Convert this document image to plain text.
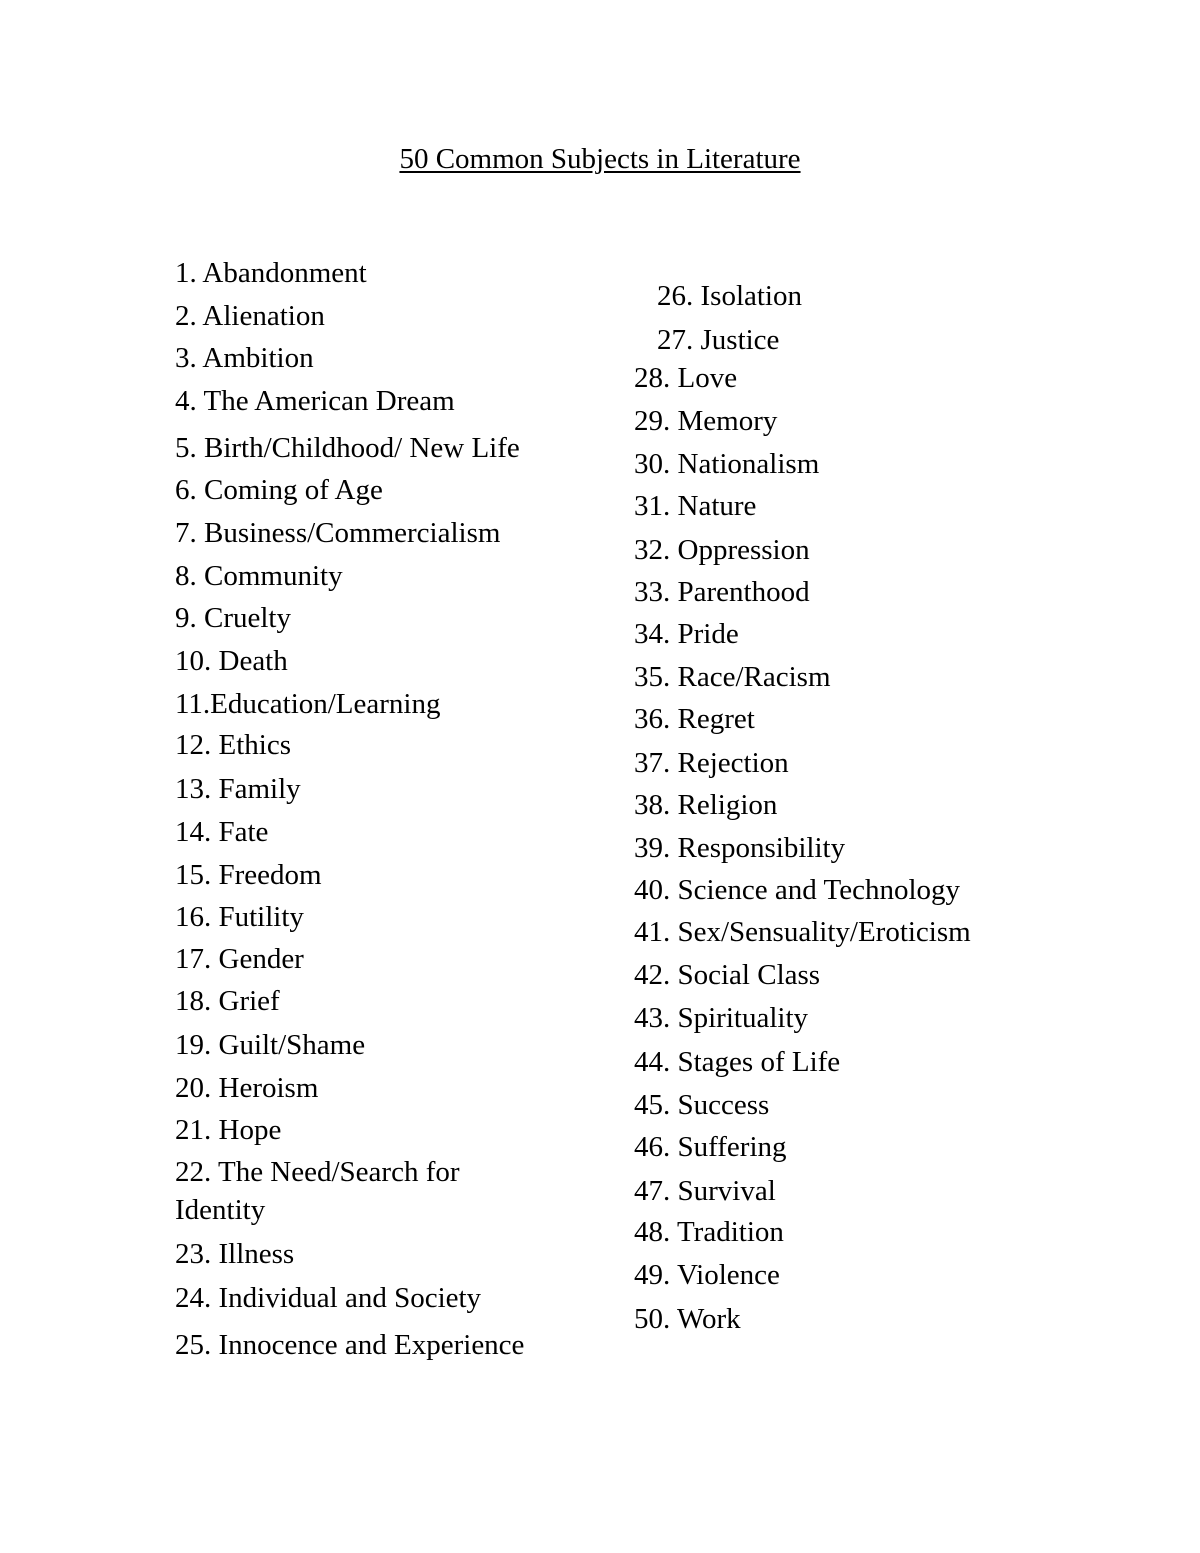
50 Common Subjects in Literature
1. Abandonment
2. Alienation
3. Ambition
4. The American Dream
5. Birth/Childhood/ New Life
6. Coming of Age
7. Business/Commercialism
8. Community
9. Cruelty
10. Death
11.Education/Learning
12. Ethics
13. Family
14. Fate
15. Freedom
16. Futility
17. Gender
18. Grief
19. Guilt/Shame
20. Heroism
21. Hope
22. The Need/Search for Identity
23. Illness
24. Individual and Society
25. Innocence and Experience
26. Isolation
27. Justice
28. Love
29. Memory
30. Nationalism
31. Nature
32. Oppression
33. Parenthood
34. Pride
35. Race/Racism
36. Regret
37. Rejection
38. Religion
39. Responsibility
40. Science and Technology
41. Sex/Sensuality/Eroticism
42. Social Class
43. Spirituality
44. Stages of Life
45. Success
46. Suffering
47. Survival
48. Tradition
49. Violence
50. Work
